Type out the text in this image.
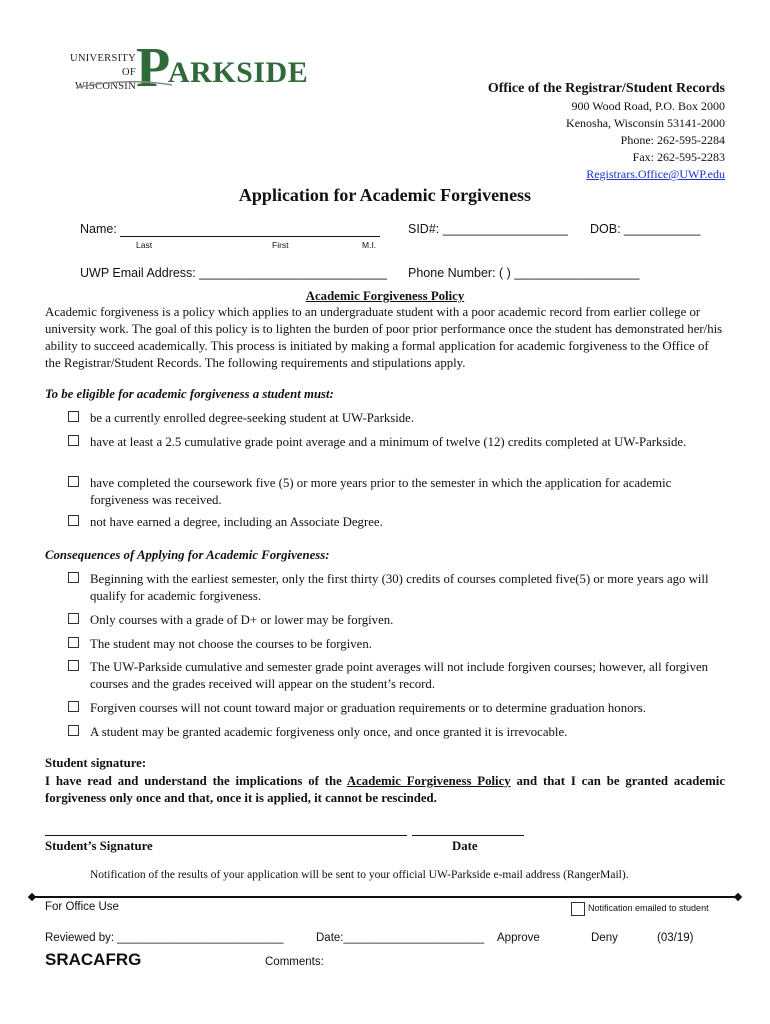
UNIVERSITY OF
WISCONSIN P
ARKSIDE	Office of the Registrar/Student Records
900 Wood Road, P.O. Box 2000
Kenosha, Wisconsin 53141-2000
Phone: 262-595-2284
Fax: 262-595-2283
Registrars.Office@UWP.edu
Application for Academic Forgiveness
Name:
Last	First	M.I.
SID#: __________________ DOB: ___________
UWP Email Address: ___________________________ Phone Number: ( ) __________________
Academic Forgiveness Policy
Academic forgiveness is a policy which applies to an undergraduate student with a poor academic record from earlier college or university work. The goal of this policy is to lighten the burden of poor prior performance once the student has demonstrated her/his ability to succeed academically. This process is initiated by making a formal application for academic forgiveness to the Office of the Registrar/Student Records. The following requirements and stipulations apply.
To be eligible for academic forgiveness a student must:
be a currently enrolled degree-seeking student at UW-Parkside.
have at least a 2.5 cumulative grade point average and a minimum of twelve (12) credits completed at UW-Parkside.
have completed the coursework five (5) or more years prior to the semester in which the application for academic forgiveness was received.
not have earned a degree, including an Associate Degree.
Consequences of Applying for Academic Forgiveness:
Beginning with the earliest semester, only the first thirty (30) credits of courses completed five(5) or more years ago will qualify for academic forgiveness.
Only courses with a grade of D+ or lower may be forgiven.
The student may not choose the courses to be forgiven.
The UW-Parkside cumulative and semester grade point averages will not include forgiven courses; however, all forgiven courses and the grades received will appear on the student’s record.
Forgiven courses will not count toward major or graduation requirements or to determine graduation honors.
A student may be granted academic forgiveness only once, and once granted it is irrevocable.
Student signature:
I have read and understand the implications of the Academic Forgiveness Policy and that I can be granted academic forgiveness only once and that, once it is applied, it cannot be rescinded.
Student’s Signature	Date
Notification of the results of your application will be sent to your official UW-Parkside e-mail address (RangerMail).
For Office Use	Notification emailed to student
Reviewed by: __________________________	Date:______________________ Approve	Deny	(03/19)
SRACAFRG	Comments:
